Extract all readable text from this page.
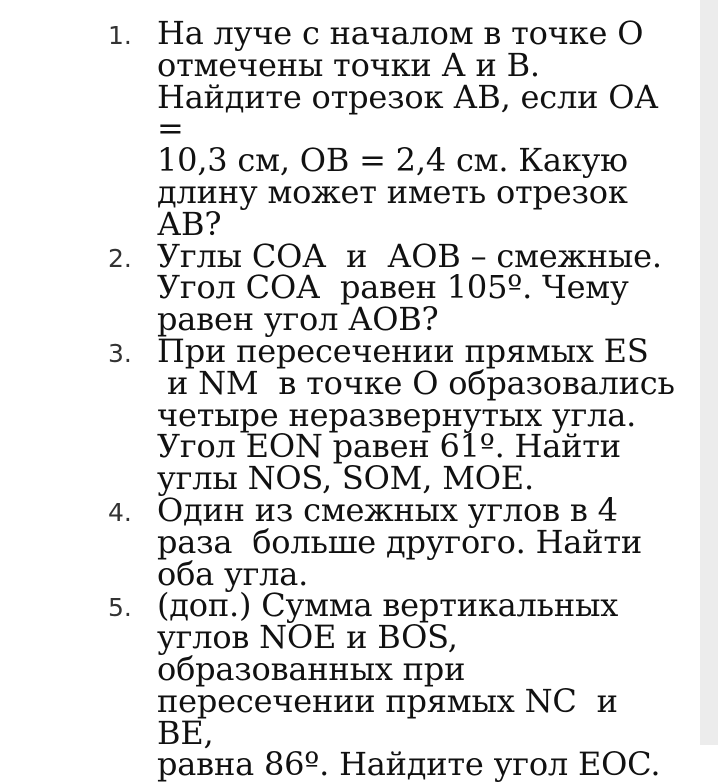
1. На луче с началом в точке О
отмечены точки А и В.
Найдите отрезок АВ, если ОА =
10,3 см, ОВ = 2,4 см. Какую
длину может иметь отрезок
АВ?
2. Углы СОА  и  АОВ – смежные.
Угол СОА  равен 105º. Чему
равен угол АОВ?
3. При пересечении прямых ES
и NM  в точке О образовались
четыре неразвернутых угла.
Угол EON равен 61º. Найти
углы NOS, SOM, MOE.
4. Один из смежных углов в 4
раза  больше другого. Найти
оба угла.
5. (доп.) Сумма вертикальных
углов NOE и BOS,
образованных при
пересечении прямых NC  и BE,
равна 86º. Найдите угол EOC.
